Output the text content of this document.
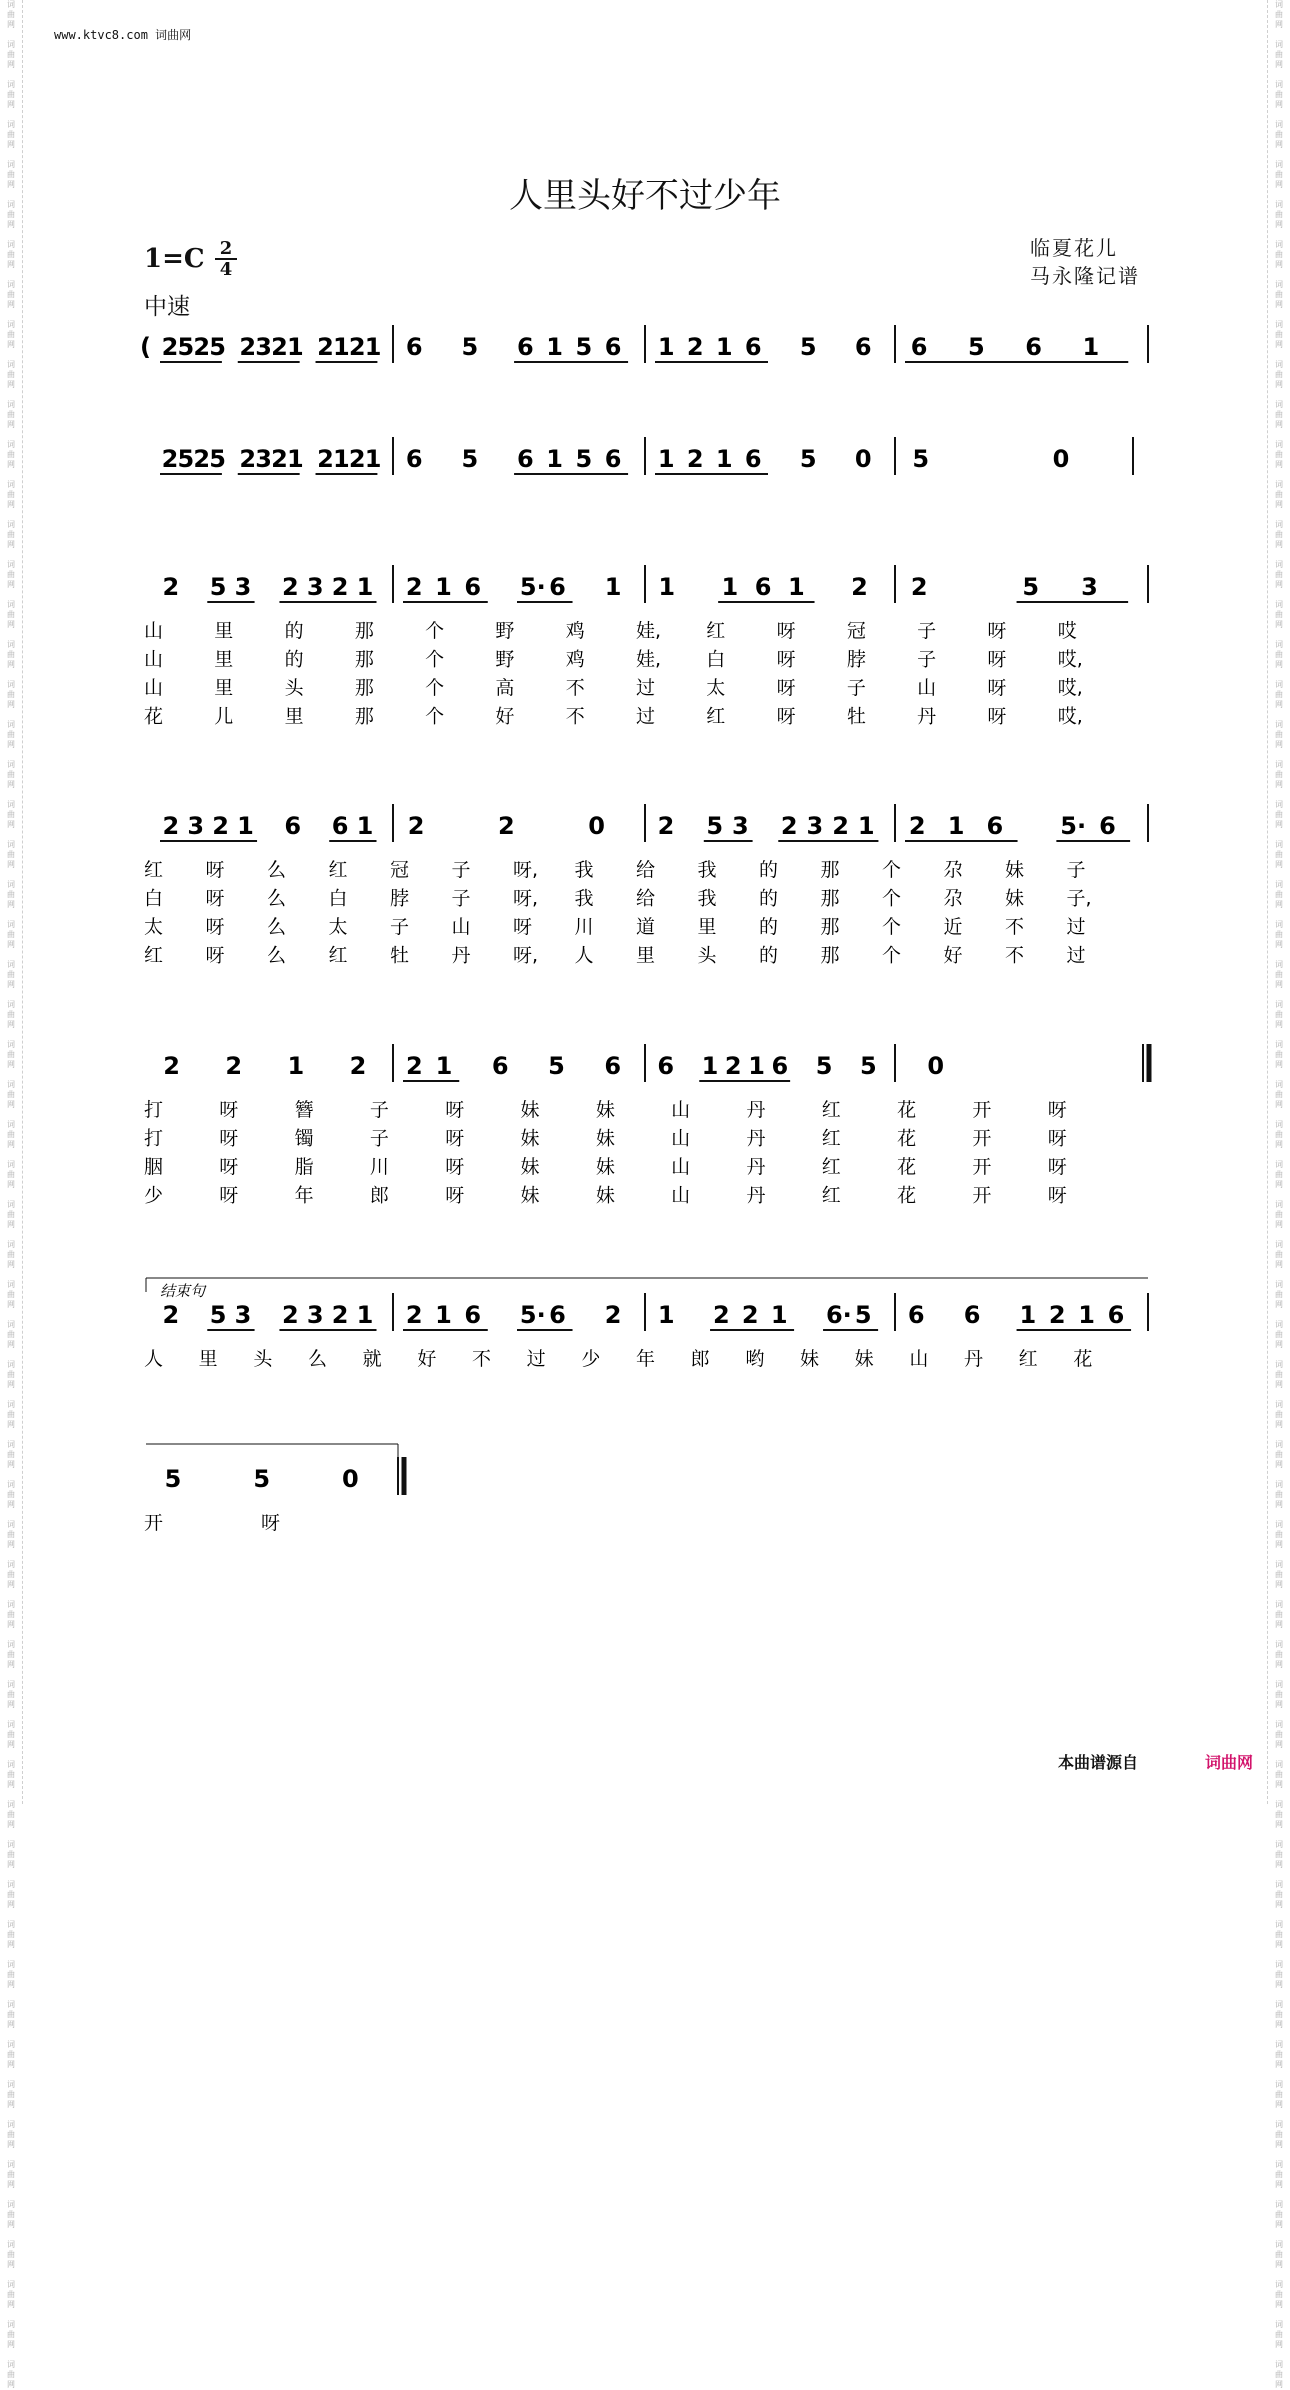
词
曲
网

词
曲
网

词
曲
网

词
曲
网

词
曲
网

词
曲
网

词
曲
网

词
曲
网

词
曲
网

词
曲
网

词
曲
网

词
曲
网

词
曲
网

词
曲
网

词
曲
网

词
曲
网

词
曲
网

词
曲
网

词
曲
网

词
曲
网

词
曲
网

词
曲
网

词
曲
网

词
曲
网

词
曲
网

词
曲
网

词
曲
网

词
曲
网

词
曲
网

词
曲
网

词
曲
网

词
曲
网

词
曲
网

词
曲
网

词
曲
网

词
曲
网

词
曲
网

词
曲
网

词
曲
网

词
曲
网

词
曲
网

词
曲
网

词
曲
网

词
曲
网

词
曲
网

词
曲
网

词
曲
网

词
曲
网

词
曲
网

词
曲
网

词
曲
网

词
曲
网

词
曲
网

词
曲
网

词
曲
网

词
曲
网

词
曲
网

词
曲
网

词
曲
网

词
曲
网

词
曲
网

词
曲
网

词
曲
网

词
曲
网

词
曲
网

词
曲
网

词
曲
网

词
曲
网

词
曲
网

词
曲
网

词
曲
网

词
曲
网

词
曲
网

词
曲
网

词
曲
网

词
曲
网

词
曲
网

词
曲
网

词
曲
网

词
曲
网

词
曲
网

词
曲
网

词
曲
网

词
曲
网

词
曲
网

词
曲
网

词
曲
网

词
曲
网

词
曲
网

词
曲
网

词
曲
网

词
曲
网

词
曲
网

词
曲
网

词
曲
网

词
曲
网

词
曲
网

词
曲
网

词
曲
网

词
曲
网

词
曲
网

词
曲
网

词
曲
网

词
曲
网

词
曲
网

词
曲
网

词
曲
网

词
曲
网

词
曲
网

词
曲
网

词
曲
网

词
曲
网

词
曲
网

词
曲
网

词
曲
网

词
曲
网

词
曲
网

词
曲
网

词
曲
网

词
曲
网

www.ktvc8.com 词曲网
人里头好不过少年
1=C 2
4
中速
临夏花儿
马永隆记谱
2 5 2 5 2 3 2 1 2 1 2 1 6 5 6 1 5 6 1 2 1 6 5 6 6 5 6 1
(
2 5 2 5 2 3 2 1 2 1 2 1 6 5 6 1 5 6 1 2 1 6 5 0 5	0
2 5 3 2 3 2 1 2 1 6 5· 6 1 1 1 6 1 2 2	5 3
2 3 2 1 6 6 1 2	2	0 2 5 3 2 3 2 1 2 1 6 5· 6
2 2 1 2 2 1 6 5 6 6 1 2 1 6 5 5 0
2 5 3 2 3 2 1 2 1 6 5· 6 2 1 2 2 1 6· 5 6 6 1 2 1 6
5	5	0
山	里	的	那	个	野	鸡	娃, 红	呀	冠	子	呀	哎
山	里	的	那	个	野	鸡	娃, 白	呀	脖	子	呀	哎,
山	里	头	那	个	高	不	过	太	呀	子	山	呀	哎,
花	儿	里	那	个	好	不	过	红	呀	牡	丹	呀	哎,
红 呀 么 红 冠 子 呀, 我 给 我 的 那 个 尕 妹 子
白 呀 么 白 脖 子 呀, 我 给 我 的 那 个 尕 妹 子,
太 呀 么 太 子 山 呀 川 道 里 的 那 个 近 不 过
红 呀 么 红 牡 丹 呀, 人 里 头 的 那 个 好 不 过
打	呀	簪	子	呀	妹	妹	山	丹	红	花	开	呀
打	呀	镯	子	呀	妹	妹	山	丹	红	花	开	呀
胭	呀	脂	川	呀	妹	妹	山	丹	红	花	开	呀
少	呀	年	郎	呀	妹	妹	山	丹	红	花	开	呀
人 里 头 么 就 好 不 过 少 年 郎 哟 妹 妹 山 丹 红 花
开	呀
结束句
本曲谱源自	词曲网
